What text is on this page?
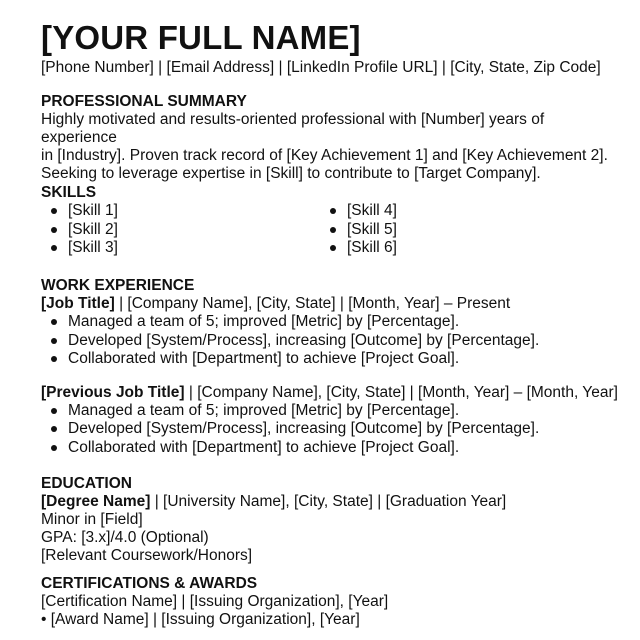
[YOUR FULL NAME]
[Phone Number] | [Email Address] | [LinkedIn Profile URL] | [City, State, Zip Code]
PROFESSIONAL SUMMARY
Highly motivated and results-oriented professional with [Number] years of experience
in [Industry]. Proven track record of [Key Achievement 1] and [Key Achievement 2].
Seeking to leverage expertise in [Skill] to contribute to [Target Company].
SKILLS
[Skill 1]
[Skill 2]
[Skill 3]
[Skill 4]
[Skill 5]
[Skill 6]
WORK EXPERIENCE
[Job Title] | [Company Name], [City, State] | [Month, Year] – Present
Managed a team of 5; improved [Metric] by [Percentage].
Developed [System/Process], increasing [Outcome] by [Percentage].
Collaborated with [Department] to achieve [Project Goal].
[Previous Job Title] | [Company Name], [City, State] | [Month, Year] – [Month, Year]
Managed a team of 5; improved [Metric] by [Percentage].
Developed [System/Process], increasing [Outcome] by [Percentage].
Collaborated with [Department] to achieve [Project Goal].
EDUCATION
[Degree Name] | [University Name], [City, State] | [Graduation Year]
Minor in [Field]
GPA: [3.x]/4.0 (Optional)
[Relevant Coursework/Honors]
CERTIFICATIONS & AWARDS
[Certification Name] | [Issuing Organization], [Year]
• [Award Name] | [Issuing Organization], [Year]
